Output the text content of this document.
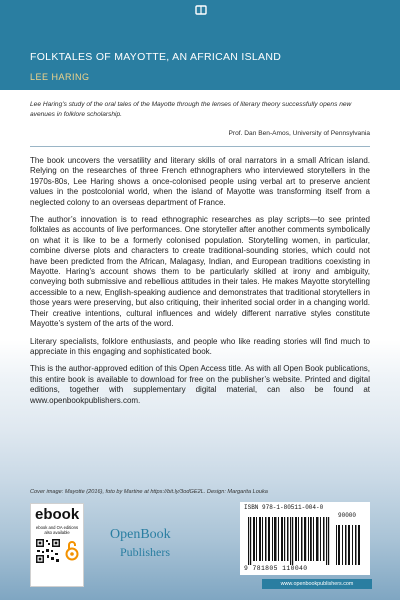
FOLKTALES OF MAYOTTE, AN AFRICAN ISLAND
LEE HARING

Lee Haring’s study of the oral tales of the Mayotte through the lenses of literary theory successfully opens new avenues in folklore scholarship.

Prof. Dan Ben-Amos, University of Pennsylvania

The book uncovers the versatility and literary skills of oral narrators in a small African island. Relying on the researches of three French ethnographers who interviewed storytellers in the 1970s-80s, Lee Haring shows a once-colonised people using verbal art to preserve ancient values in the postcolonial world, when the island of Mayotte was transforming itself from a neglected colony to an overseas department of France.

The author’s innovation is to read ethnographic researches as play scripts—to see printed folktales as accounts of live performances. One storyteller after another comments symbolically on what it is like to be a formerly colonised population. Storytelling women, in particular, combine diverse plots and characters to create traditional-sounding stories, which could not have been predicted from the African, Malagasy, Indian, and European traditions coexisting in Mayotte. Haring’s account shows them to be particularly skilled at irony and ambiguity, conveying both submissive and rebellious attitudes in their tales. He makes Mayotte storytelling accessible to a new, English-speaking audience and demonstrates that traditional storytellers in those years were preserving, but also critiquing, their inherited social order in a changing world. Their creative intentions, cultural influences and widely different narrative styles constitute Mayotte’s system of the arts of the word.

Literary specialists, folklore enthusiasts, and people who like reading stories will find much to appreciate in this engaging and sophisticated book.

This is the author-approved edition of this Open Access title. As with all Open Book publications, this entire book is available to download for free on the publisher’s website. Printed and digital editions, together with supplementary digital material, can also be found at www.openbookpublishers.com.

Cover image: Mayotte (2016), foto by Martine at https://bit.ly/3odGE2L. Design: Margarita Louka

ebook
ebook and OA editions also available	OpenBook
Publishers
ISBN 978-1-80511-004-0
90000
9 781805 110040
www.openbookpublishers.com
